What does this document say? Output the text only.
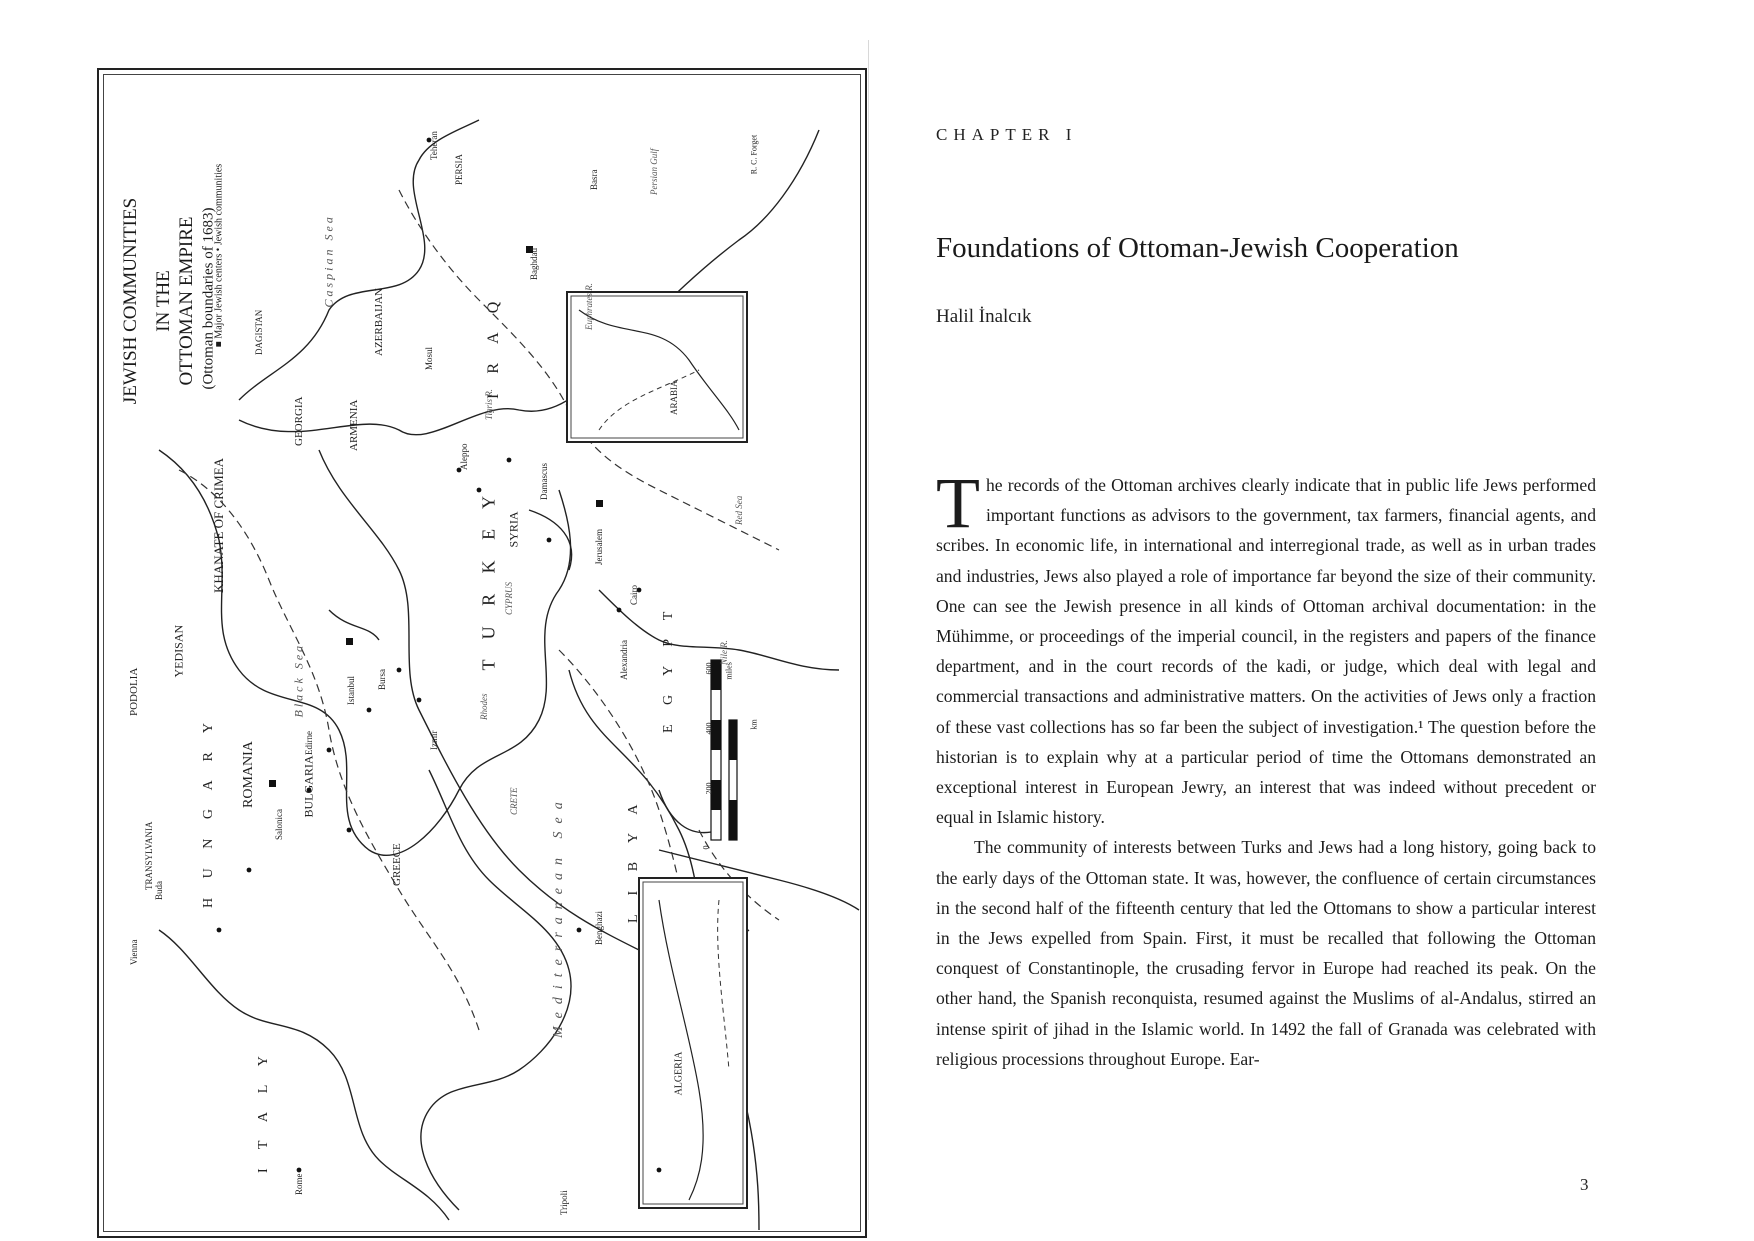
JEWISH COMMUNITIES IN THE OTTOMAN EMPIRE (Ottoman boundaries of 1683)
■ Major Jewish centers • Jewish communities
R. C. Forget
T U R K E Y
I R A Q
E G Y P T
L I B Y A
H U N G A R Y
I T A L Y
ROMANIA	BULGARIA
GREECE
SYRIA
CYPRUS
CRETE
GEORGIA	ARMENIA
AZERBAIJAN
PERSIA
DAGISTAN
KHANATE OF CRIMEA
YEDISAN
PODOLIA
TRANSYLVANIA
ALGERIA
ARABIA
Black Sea
Caspian Sea
Mediterranean Sea
Red Sea
Persian Gulf
Istanbul
Baghdad
Damascus
Aleppo
Salonica
Jerusalem
Alexandria
Cairo
Tripoli
Benghazi
Rome
Vienna
Buda
Teheran
Basra
Mosul
Izmir
Bursa
Edirne
Rhodes
Nile R.
Tigris R.
Euphrates R.
600 miles
400
200
0
km
CHAPTER I
Foundations of Ottoman-Jewish Cooperation
Halil İnalcık

The records of the Ottoman archives clearly indicate that in public life Jews performed important functions as advisors to the government, tax farmers, financial agents, and scribes. In economic life, in international and interregional trade, as well as in urban trades and industries, Jews also played a role of importance far beyond the size of their community. One can see the Jewish presence in all kinds of Ottoman archival documentation: in the Mühimme, or proceedings of the imperial council, in the registers and papers of the finance department, and in the court records of the kadi, or judge, which deal with legal and commercial transactions and administrative matters. On the activities of Jews only a fraction of these vast collections has so far been the subject of investigation.¹ The question before the historian is to explain why at a particular period of time the Ottomans demonstrated an exceptional interest in European Jewry, an interest that was indeed without precedent or equal in Islamic history.

The community of interests between Turks and Jews had a long history, going back to the early days of the Ottoman state. It was, however, the confluence of certain circumstances in the second half of the fifteenth century that led the Ottomans to show a particular interest in the Jews expelled from Spain. First, it must be recalled that following the Ottoman conquest of Constantinople, the crusading fervor in Europe had reached its peak. On the other hand, the Spanish reconquista, resumed against the Muslims of al-Andalus, stirred an intense spirit of jihad in the Islamic world. In 1492 the fall of Granada was celebrated with religious processions throughout Europe. Ear-

3
